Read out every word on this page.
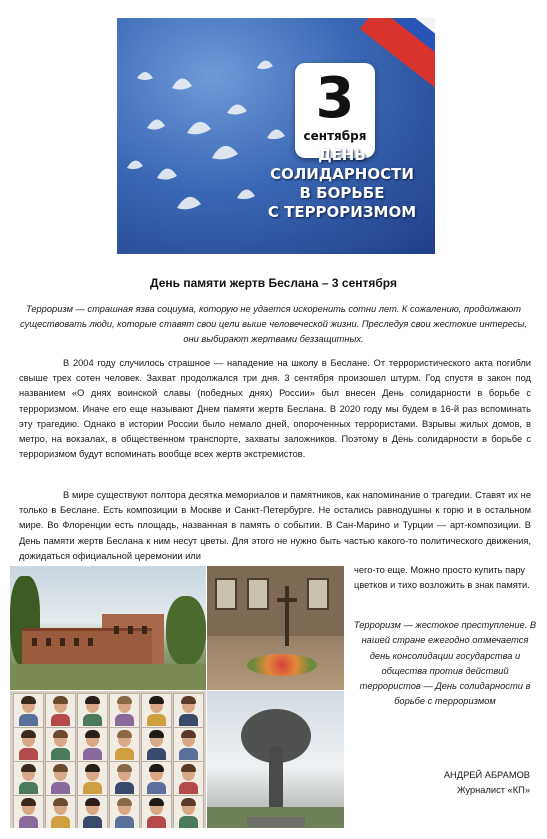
3
сентября
ДЕНЬ
СОЛИДАРНОСТИ
В БОРЬБЕ
С ТЕРРОРИЗМОМ
День памяти жертв Беслана – 3 сентября
Терроризм — страшная язва социума, которую не удается искоренить сотни лет. К сожалению, продолжают существовать люди, которые ставят свои цели выше человеческой жизни. Преследуя свои жестокие интересы, они выбирают жертвами беззащитных.

В 2004 году случилось страшное — нападение на школу в Беслане. От террористического акта погибли свыше трех сотен человек. Захват продолжался три дня. 3 сентября произошел штурм. Год спустя в закон под названием «О днях воинской славы (победных днях) России» был внесен День солидарности в борьбе с терроризмом. Иначе его еще называют Днем памяти жертв Беслана. В 2020 году мы будем в 16-й раз вспоминать эту трагедию. Однако в истории России было немало дней, опороченных террористами. Взрывы жилых домов, в метро, на вокзалах, в общественном транспорте, захваты заложников. Поэтому в День солидарности в борьбе с терроризмом будут вспоминать вообще всех жертв экстремистов.

В мире существуют полтора десятка мемориалов и памятников, как напоминание о трагедии. Ставят их не только в Беслане. Есть композиции в Москве и Санкт-Петербурге. Не остались равнодушны к горю и в остальном мире. Во Флоренции есть площадь, названная в память о событии. В Сан-Марино и Турции — арт-композиции. В День памяти жертв Беслана к ним несут цветы. Для этого не нужно быть частью какого-то политического движения, дожидаться официальной церемонии или

чего-то еще. Можно просто купить пару цветков и тихо возложить в знак памяти.
Терроризм — жестокое преступление. В нашей стране ежегодно отмечается день консолидации государства и общества против действий террористов — День солидарности в борьбе с терроризмом
АНДРЕЙ АБРАМОВ
Журналист «КП»
